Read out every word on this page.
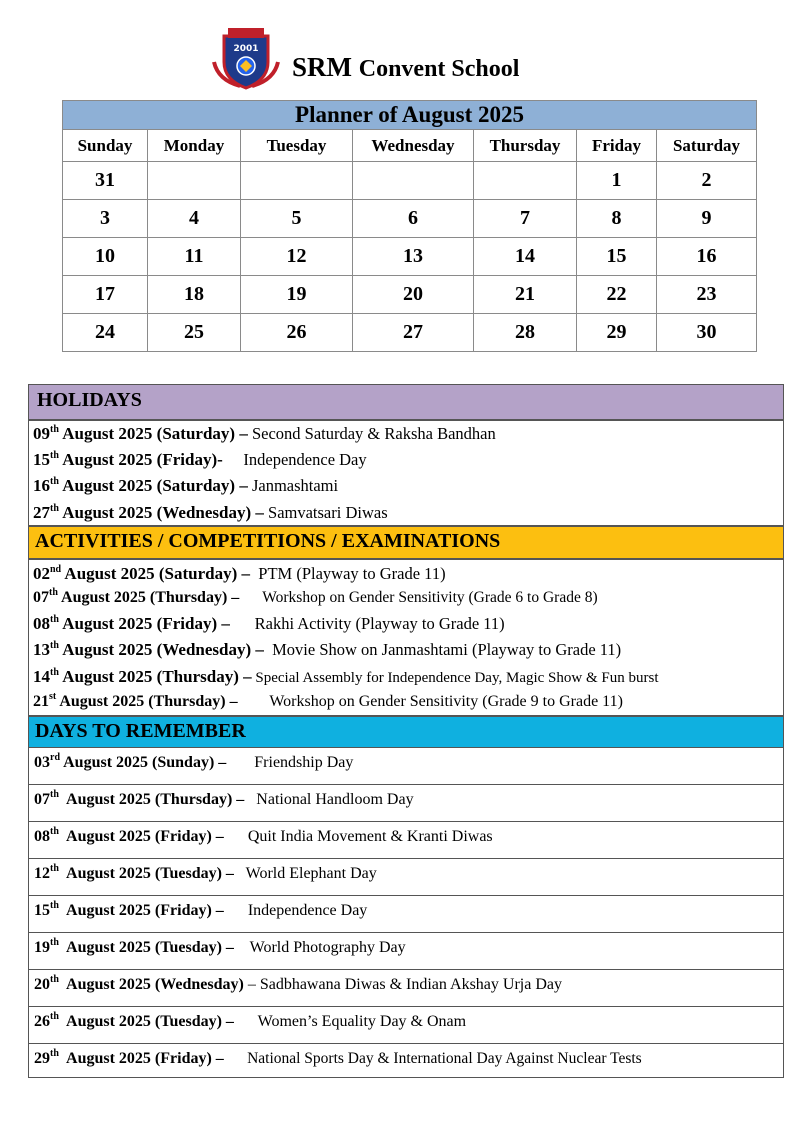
2001
SRM Convent School
Planner of August 2025						
Sunday	Monday	Tuesday	Wednesday	Thursday	Friday	Saturday
31					1	2
3	4	5	6	7	8	9
10	11	12	13	14	15	16
17	18	19	20	21	22	23
24	25	26	27	28	29	30
HOLIDAYS
09th August 2025 (Saturday) – Second Saturday & Raksha Bandhan
15th August 2025 (Friday)-     Independence Day
16th August 2025 (Saturday) – Janmashtami
27th August 2025 (Wednesday) – Samvatsari Diwas
ACTIVITIES / COMPETITIONS / EXAMINATIONS
02nd August 2025 (Saturday) –  PTM (Playway to Grade 11)
07th August 2025 (Thursday) –      Workshop on Gender Sensitivity (Grade 6 to Grade 8)
08th August 2025 (Friday) –      Rakhi Activity (Playway to Grade 11)
13th August 2025 (Wednesday) –  Movie Show on Janmashtami (Playway to Grade 11)
14th August 2025 (Thursday) – Special Assembly for Independence Day, Magic Show & Fun burst
21st August 2025 (Thursday) –        Workshop on Gender Sensitivity (Grade 9 to Grade 11)
DAYS TO REMEMBER
03rd August 2025 (Sunday) –       Friendship Day
07th  August 2025 (Thursday) –   National Handloom Day
08th  August 2025 (Friday) –      Quit India Movement & Kranti Diwas
12th  August 2025 (Tuesday) –   World Elephant Day
15th  August 2025 (Friday) –      Independence Day
19th  August 2025 (Tuesday) –    World Photography Day
20th  August 2025 (Wednesday) – Sadbhawana Diwas & Indian Akshay Urja Day
26th  August 2025 (Tuesday) –      Women’s Equality Day & Onam
29th  August 2025 (Friday) –      National Sports Day & International Day Against Nuclear Tests
